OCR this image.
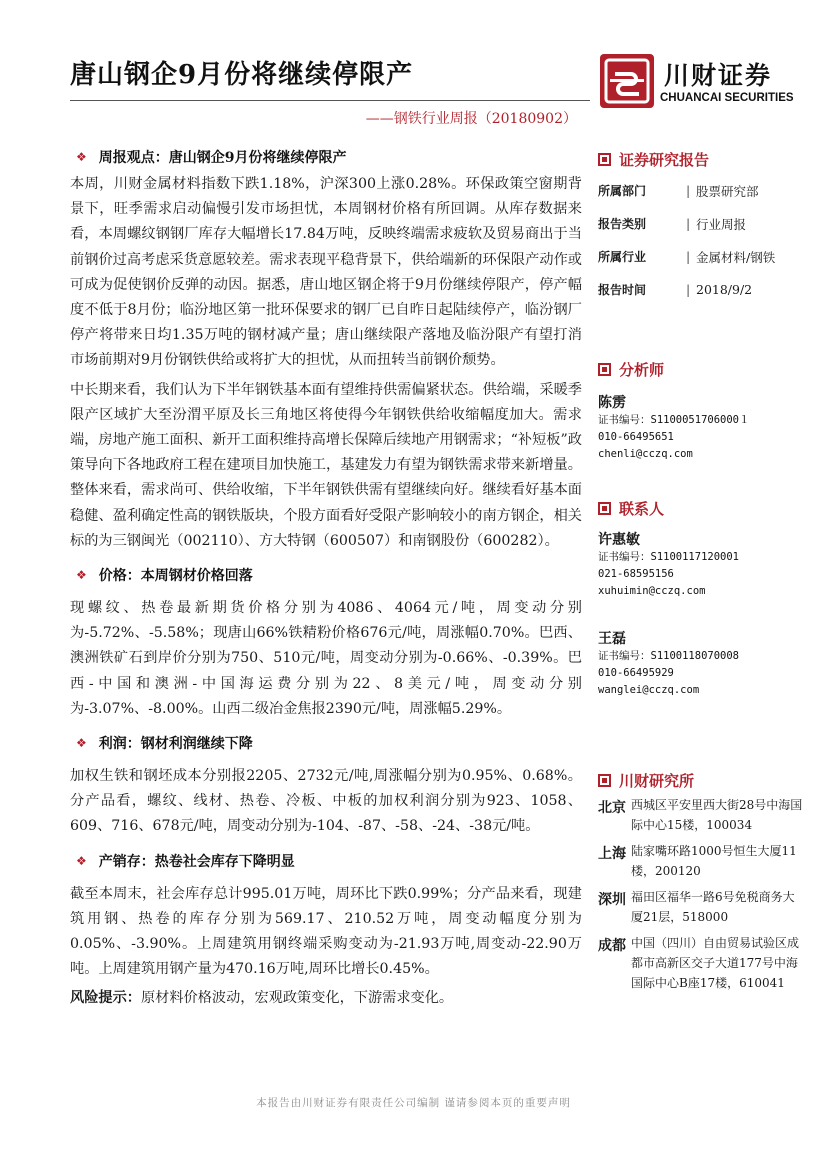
唐山钢企9月份将继续停限产
——钢铁行业周报（20180902）
川财证券
CHUANCAI SECURITIES
❖ 周报观点：唐山钢企9月份将继续停限产

本周，川财金属材料指数下跌1.18%，沪深300上涨0.28%。环保政策空窗期背景下，旺季需求启动偏慢引发市场担忧，本周钢材价格有所回调。从库存数据来看，本周螺纹钢钢厂库存大幅增长17.84万吨，反映终端需求疲软及贸易商出于当前钢价过高考虑采货意愿较差。需求表现平稳背景下，供给端新的环保限产动作或可成为促使钢价反弹的动因。据悉，唐山地区钢企将于9月份继续停限产，停产幅度不低于8月份；临汾地区第一批环保要求的钢厂已自昨日起陆续停产，临汾钢厂停产将带来日均1.35万吨的钢材减产量；唐山继续限产落地及临汾限产有望打消市场前期对9月份钢铁供给或将扩大的担忧，从而扭转当前钢价颓势。

中长期来看，我们认为下半年钢铁基本面有望维持供需偏紧状态。供给端，采暖季限产区域扩大至汾渭平原及长三角地区将使得今年钢铁供给收缩幅度加大。需求端，房地产施工面积、新开工面积维持高增长保障后续地产用钢需求；“补短板”政策导向下各地政府工程在建项目加快施工，基建发力有望为钢铁需求带来新增量。整体来看，需求尚可、供给收缩，下半年钢铁供需有望继续向好。继续看好基本面稳健、盈利确定性高的钢铁版块，个股方面看好受限产影响较小的南方钢企，相关标的为三钢闽光（002110）、方大特钢（600507）和南钢股份（600282）。

❖ 价格：本周钢材价格回落

现螺纹、热卷最新期货价格分别为4086、4064元/吨，周变动分别为-5.72%、-5.58%；现唐山66%铁精粉价格676元/吨，周涨幅0.70%。巴西、澳洲铁矿石到岸价分别为750、510元/吨，周变动分别为-0.66%、-0.39%。巴西-中国和澳洲-中国海运费分别为22、8美元/吨，周变动分别为-3.07%、-8.00%。山西二级冶金焦报2390元/吨，周涨幅5.29%。

❖ 利润：钢材利润继续下降

加权生铁和钢坯成本分别报2205、2732元/吨,周涨幅分别为0.95%、0.68%。分产品看，螺纹、线材、热卷、冷板、中板的加权利润分别为923、1058、609、716、678元/吨，周变动分别为-104、-87、-58、-24、-38元/吨。

❖ 产销存：热卷社会库存下降明显

截至本周末，社会库存总计995.01万吨，周环比下跌0.99%；分产品来看，现建筑用钢、热卷的库存分别为569.17、210.52万吨，周变动幅度分别为0.05%、-3.90%。上周建筑用钢终端采购变动为-21.93万吨,周变动-22.90万吨。上周建筑用钢产量为470.16万吨,周环比增长0.45%。

风险提示：原材料价格波动，宏观政策变化，下游需求变化。

证券研究报告
所属部门	| 股票研究部
报告类别	| 行业周报
所属行业	| 金属材料/钢铁
报告时间	| 2018/9/2
分析师
陈雳
证书编号：S1100051706000１
010-66495651
chenli@cczq.com
联系人
许惠敏
证书编号：S1100117120001
021-68595156
xuhuimin@cczq.com
王磊
证书编号：S1100118070008
010-66495929
wanglei@cczq.com
川财研究所
北京 西城区平安里西大街28号中海国际中心15楼，100034
上海 陆家嘴环路1000号恒生大厦11楼，200120
深圳 福田区福华一路6号免税商务大厦21层，518000
成都 中国（四川）自由贸易试验区成都市高新区交子大道177号中海国际中心B座17楼，610041
本报告由川财证券有限责任公司编制 谨请参阅本页的重要声明
